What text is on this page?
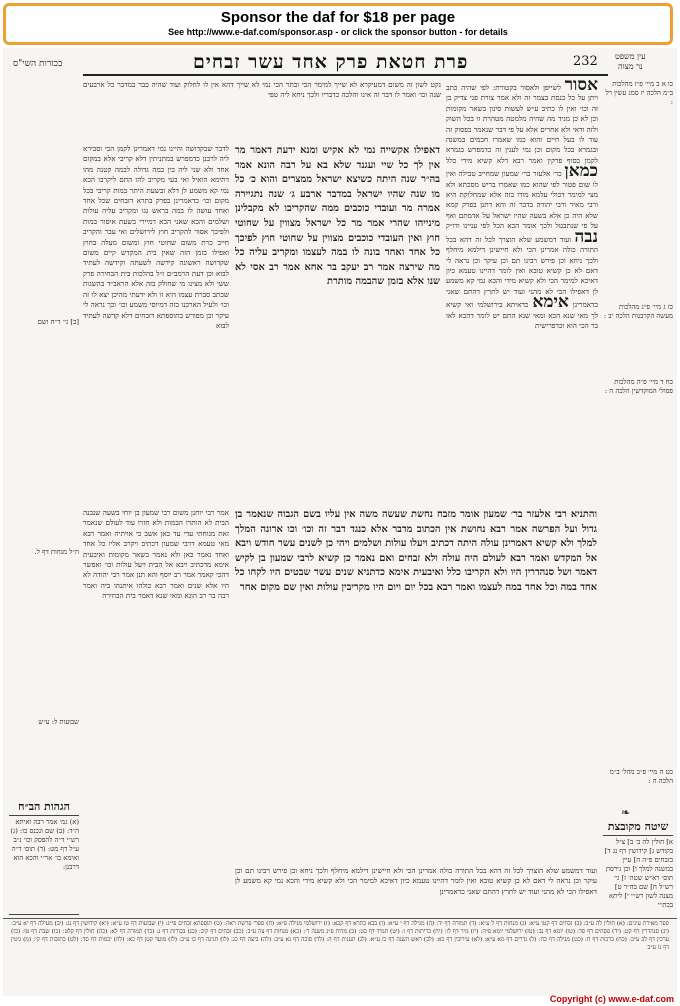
Sponsor the daf for $18 per page
See http://www.e-daf.com/sponsor.asp - or click the sponsor button - for details
בכורות השי"ס	פרת חטאת פרק אחד עשר זבחים	232 עין משפט
נר מצוה
כו א ב מיי׳ פ״ז מהלכות ב״מ הלכה יז סמג עשין רל :
כז ג מיי׳ פ״ג מהלכות מעשה הקרבנות הלכה יב :
כח ד מיי׳ פ״ה מהלכות פסולי המוקדשין הלכה ה :
כט ה מיי׳ פ״ב מהל׳ ב״מ הלכה ה :
❧
שיטה מקובצת
א] חולין לה ב׳ ב] צ״ל בקודש ג] קידושין דף נג ד] בזבחים פ״ה ה] עיין במשנה למלך ו] וכן גירסת תוס׳ רא״ש שטה׳ ז] גי׳ רש״ל ח] שם בה״ר ט] מצנה לשון רש״י י] ליתא בכת״י
אסור לשייפן ולאסור בקטורת: לפי שהיה כתב ויתן על כל כנסת בצמר זה ולא אמר צורת פני צדיק בן זה וכו׳ ואין לו כתיב ע״ש לעשות סינון בשאר מקומות וכן לא כן מגיד מה שהיה מלמטה מטהרת זו בכל השוק ולזה ודאי ולא אחרים אלא על פי דבר שנאמר בפסוק זה עוד לו בעל חיים והוא כמו שאמרו חכמים במשנה ובגמרא בכל מקום וכן נמי לענין זה כדמפרש בגמרא לקמן בסוף פרקין ואמר רבא דלא קשיא מידי כלל כמאן כר׳ אלעזר בר׳ שמעון שמחייב טבילה ואין לו שום פטור לפי שהוא כמו שאמרו בריש מסכתא ולא מצי למימר דכולי עלמא מודו בזה אלא שמחלוקת היא ורבי מאיר ורבי יהודה בדבר זה והא דתנן בפרק קמא שלא היה כן אלא בשעה שהיו ישראל על אדמתם ואף על פי שנתבטל ולכך אומר הכא הכל לפי עניינו ודו״ק נבה ועוד דמשמע שלא הוצרך לכל זה דהא בכל התורה כולה אמרינן הכי ולא חיישינן דילמא מיחלף ולכך ניחא וכן פירש רבינו תם וכן עיקר וכן נראה לי דאם לא כן קשיא טובא ואין לומר דהיינו טעמא כיון דאיכא למימר הכי ולא קשיא מידי והכא נמי קא משמע לן דאפילו הכי לא מהני ועוד יש לתרץ דהתם שאני כדאמרינן אימא כדאיתא בירושלמי ואי קשיא לך מאי שנא הכא ומאי שנא התם יש לומר דהכא לאו בר הכי הוא וכדפרישית
דאפילו אקשייה נמי לא אקיש ומנא ידעת דאמר מר אין לך כל שיי ועגנד שלא בא על רבה הונא אמר בה״ר שנה היתה כשיצא ישראל ממצרים והוא כ׳ כל מו שנה שהיו ישראל במדבר ארבע ג׳ שנה נתגיירה אמרה מר ועובדי כוכבים ממה שהקריבו לא מקבלינן מינייהו שהרי אמר מר כל ישראל מצווין על שחוטי חוץ ואין העובדי כוכבים מצווין על שחוטי חוץ לפיכך כל אחד ואחד בונה לו במה לעצמו ומקריב עליה כל מה שירצה אמר רב יעקב בר אחא אמר רב אסי לא שנו אלא בזמן שהבמה מותרת
נקט לשון זה משום דמעיקרא לא שייך למימר הכי ובתר הכי נמי לא שייך דהא אין לו לחלוק ועוד שהיה כבר במדבר כל ארבעים שנה וכו׳ ואמר לו דבר זה אינו והלכה כדבריו ולכך ניחא ליה טפי
לדבר שבקדושה והיינו נמי דאמרינן לקמן הכי וסבירא ליה לרבנן כדמפרש במתניתין דלא קריבי אלא במקום אחד ולא שני ליה בין במה גדולה לבמה קטנה מהו דתימא הואיל ואי בעי מקריב להו התם ליקרבו הכא נמי קא משמע לן דלא ובשעת היתר במות קריבי בכל מקום וכו׳ כדאמרינן בפרק בתרא דזבחים שכל אחד ואחד עושה לו במה בראש גגו ומקריב עליה עולות ושלמים והכא שאני הכא דמיירי בשעת איסור במות ולפיכך אסור להקריב חוץ לירושלים ואי עבר והקריב חייב כרת משום שחוטי חוץ ומשום מעלה בחוץ ואפילו בזמן הזה שאין בית המקדש קיים משום שקדושה ראשונה קידשה לשעתה וקידשה לעתיד לבוא וכן דעת הרמב״ם ז״ל בהלכות בית הבחירה פרק ששי ולא מצינו מי שחולק בזה אלא הראב״ד בהשגות שכתב סברת עצמו היא זו ולא ידעתי מהיכן יצא לו זה וכו׳ ולעיל הארכנו בזה דמיוסי משמע וכו׳ וכך נראה לי עיקר וכן מפורש בתוספתא דזבחים דלא קדשה לעתיד לבוא
והתניא רבי אלעזר בר׳ שמעון אומר מזבח נחשת שעשה משה אין עליו בשם הגבוה שנאמר בן גדול ועל הפרשה אמר רבא נחושת אין הכתוב מדבר אלא כנגד דבר זה וכו׳ וכו ארונה המלך למלך ולא קשיא דאמרינן עולה היתה דכתיב ויעלו עולות ושלמים ויהי כן לשנים עשר חודש ויבא אל המקדש ואמר רבא לעולם היה עולה ולא זבחים ואם נאמר כן קשיא לרבי שמעון בן לקיש דאמר ושל סנהדרין היו ולא הקריבו כלל ואיבעית אימא כדתניא שנים עשר שבטים היו לקחו כל אחד במה וכל אחד במה לעצמו ואמר רבא בכל יום ויום היו מקריבין עולות ואין שם מקום אחר
אמר רבי יוחנן משום רבי שמעון בן יוחי בשעה שנבנה הבית לא הותרו הבמות ולא חזרו עוד לעולם שנאמר זאת מנוחתי עדי עד כאן אשב כי אויתיה ואמר רבא מאי טעמא דרבי שמעון דכתיב ויקרב אליו כל אחד ואחד נאמר כאן ולא נאמר בשאר מקומות ואיבעית אימא מדכתיב ויבא אל הבית ויעל עולות וכו׳ ואפשר דהכי קאמר אמר רב יוסף והא תנן אמר רבי יהודה לא היו אלא שנים ואמר רבא כולהו איתנהו ביה ואמר רבה בר רב הונא ומאי שנא דאמר בית הבחירה
ועוד דמשמע שלא הוצרך לכל זה דהא בכל התורה כולה אמרינן הכי ולא חיישינן דילמא מיחלף ולכך ניחא וכן פירש רבינו תם וכן עיקר וכן נראה לי דאם לא כן קשיא טובא ואין לומר דהיינו טעמא כיון דאיכא למימר הכי ולא קשיא מידי והכא נמי קא משמע לן דאפילו הכי לא מהני ועוד יש לתרץ דהתם שאני כדאמרינן
[ב] גי׳ ד״ח ושם
ח״ל מנחות דף ל.
שבועות ל: ע״ש
הגהות הב״ח
(א) גמ׳ אמר רבה ואיתא ה״ד: (ב) שם ונכנס בו: (ג) רש״י ד״ה להפסק וכו׳ נ״ב ע״ל דף מט: (ד) תוס׳ ד״ה ואימא כו׳ אר״י והכא הוא דרבנן:
ספר מאירת עינים: (א) חולין לה ע״ב: (ב) זבחים דף קטו ע״א: (ג) מנחות דף ל ע״א: (ד) תמורה דף יד: (ה) מגילה דף י ע״א: (ו) בבא בתרא דף קכא: (ז) ירושלמי מגילה פ״א: (ח) ספרי פרשת ראה: (ט) תוספתא זבחים פי״ג: (י) שבועות דף טז ע״א: (יא) קידושין דף נג: (יב) מעילה דף יא ע״ב: (יג) סנהדרין דף קט: (יד) פסחים דף סד: (טו) יומא דף נב: (טז) ירושלמי יומא פ״ה: (יז) נזיר דף לו: (יח) כריתות דף ו: (יט) תמיד דף כט: (כ) מדות פ״ג משנה ד׳: (כא) מנחות דף צה ע״ב: (כב) זבחים דף קיב: (כג) בכורות דף נ: (כד) תמורה דף לא: (כה) חולין דף קלט: (כו) שבת דף טו: (כז) ערכין דף לב ע״ב: (כח) ברכות דף ח: (כט) מגילה דף כח: (ל) נדרים דף מא ע״א: (לא) עירובין דף כא: (לב) ראש השנה דף כז ע״א: (לג) תענית דף ה: (לד) סוכה דף נא ע״ב: (לה) ביצה דף כג: (לו) חגיגה דף כו ע״ב: (לז) מועד קטן דף כא: (לח) יבמות דף סד: (לט) כתובות דף קי: (מ) גיטין דף נו ע״ב
Copyright (c) www.e-daf.com
